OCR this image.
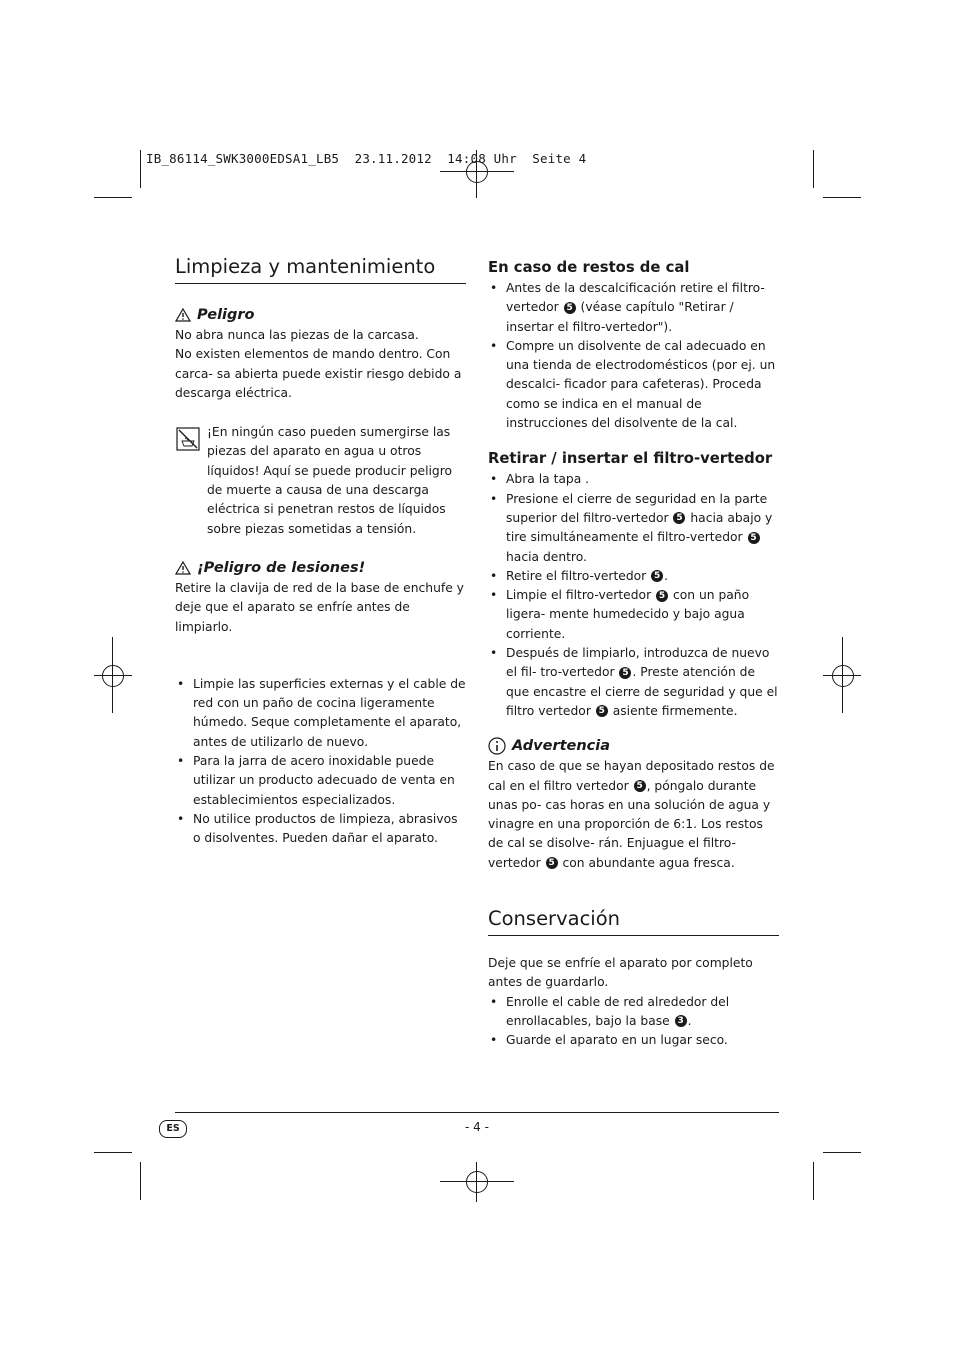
IB_86114_SWK3000EDSA1_LB5  23.11.2012  14:08 Uhr  Seite 4
Limpieza y mantenimiento
Peligro

No abra nunca las piezas de la carcasa.

No existen elementos de mando dentro. Con carca- sa abierta puede existir riesgo debido a descarga eléctrica.

¡En ningún caso pueden sumergirse las piezas del aparato en agua u otros líquidos! Aquí se puede producir peligro de muerte a causa de una descarga eléctrica si penetran restos de líquidos sobre piezas sometidas a tensión.

¡Peligro de lesiones!

Retire la clavija de red de la base de enchufe y deje que el aparato se enfríe antes de limpiarlo.

• Limpie las superficies externas y el cable de red con un paño de cocina ligeramente húmedo. Seque completamente el aparato, antes de utilizarlo de nuevo.
• Para la jarra de acero inoxidable puede utilizar un producto adecuado de venta en establecimientos especializados.
• No utilice productos de limpieza, abrasivos o disolventes. Pueden dañar el aparato.
En caso de restos de cal
• Antes de la descalcificación retire el filtro-vertedor 5 (véase capítulo "Retirar / insertar el filtro-vertedor").
• Compre un disolvente de cal adecuado en una tienda de electrodomésticos (por ej. un descalci- ficador para cafeteras). Proceda como se indica en el manual de instrucciones del disolvente de la cal.
Retirar / insertar el filtro-vertedor
• Abra la tapa .
• Presione el cierre de seguridad en la parte superior del filtro-vertedor 5 hacia abajo y tire simultáneamente el filtro-vertedor 5 hacia dentro.
• Retire el filtro-vertedor 5 .
• Limpie el filtro-vertedor 5 con un paño ligera- mente humedecido y bajo agua corriente.
• Después de limpiarlo, introduzca de nuevo el fil- tro-vertedor 5 . Preste atención de que encastre el cierre de seguridad y que el filtro vertedor 5 asiente firmemente.
Advertencia

En caso de que se hayan depositado restos de cal en el filtro vertedor 5 , póngalo durante unas po- cas horas en una solución de agua y vinagre en una proporción de 6:1. Los restos de cal se disolve- rán. Enjuague el filtro-vertedor 5 con abundante agua fresca.

Conservación

Deje que se enfríe el aparato por completo antes de guardarlo.

• Enrolle el cable de red alrededor del enrollacables, bajo la base 3 .
• Guarde el aparato en un lugar seco.
ES	- 4 -
